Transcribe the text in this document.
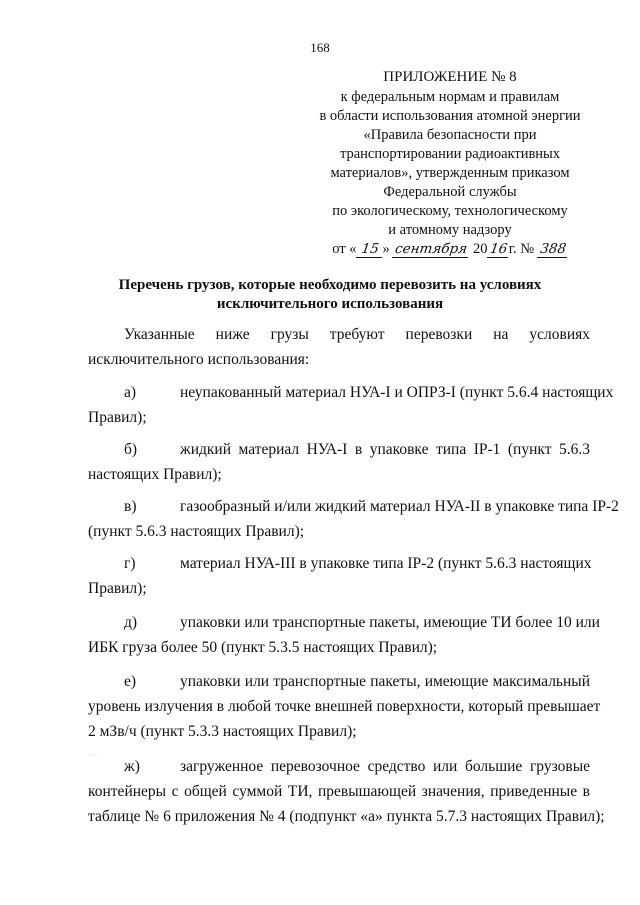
168
ПРИЛОЖЕНИЕ № 8
к федеральным нормам и правилам
в области использования атомной энергии
«Правила безопасности при
транспортировании радиоактивных
материалов», утвержденным приказом
Федеральной службы
по экологическому, технологическому
и атомному надзору
от « 15 » сентября 2016г. № 388
Перечень грузов, которые необходимо перевозить на условиях
исключительного использования
Указанные ниже грузы требуют перевозки на условиях
исключительного использования:
а)	неупакованный материал НУА-I и ОПРЗ-I (пункт 5.6.4 настоящих
Правил);
б)	жидкий материал НУА-I в упаковке типа IP-1 (пункт 5.6.3
настоящих Правил);
в)	газообразный и/или жидкий материал НУА-II в упаковке типа IP-2
(пункт 5.6.3 настоящих Правил);
г)	материал НУА-III в упаковке типа IP-2 (пункт 5.6.3 настоящих
Правил);
д)	упаковки или транспортные пакеты, имеющие ТИ более 10 или
ИБК груза более 50 (пункт 5.3.5 настоящих Правил);
е)	упаковки или транспортные пакеты, имеющие максимальный
уровень излучения в любой точке внешней поверхности, который превышает
2 мЗв/ч (пункт 5.3.3 настоящих Правил);
· · ·
ж)	загруженное перевозочное средство или большие грузовые
контейнеры с общей суммой ТИ, превышающей значения, приведенные в
таблице № 6 приложения № 4 (подпункт «а» пункта 5.7.3 настоящих Правил);
